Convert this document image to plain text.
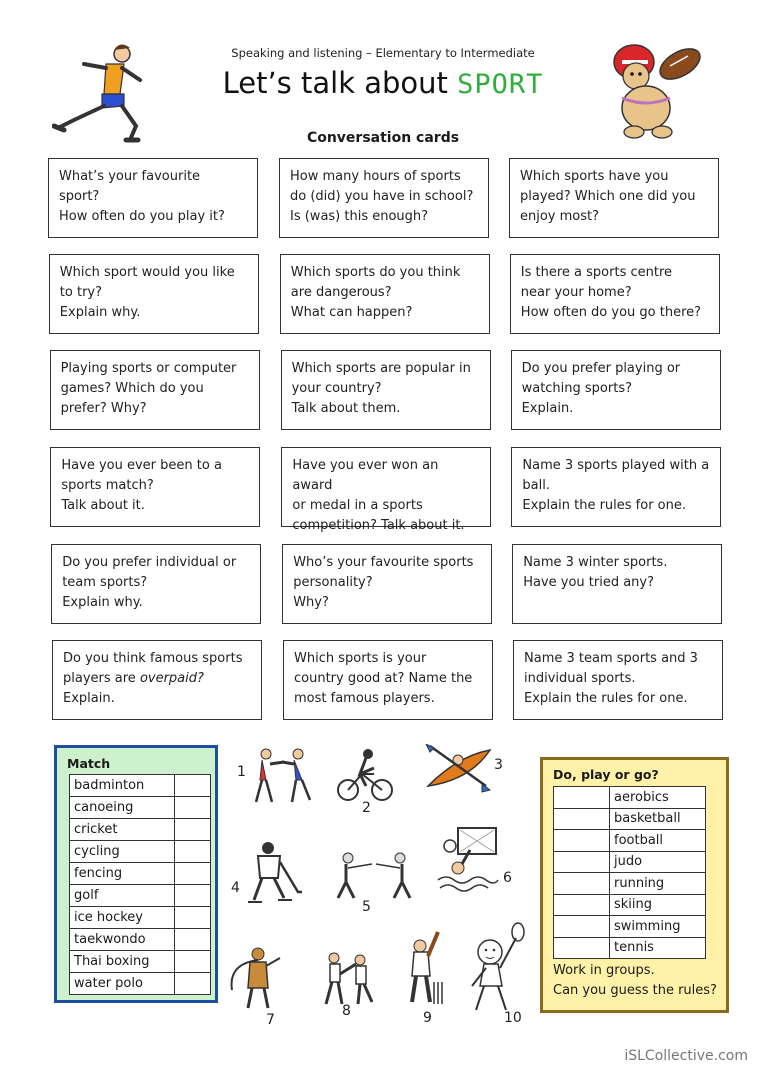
Speaking and listening – Elementary to Intermediate
Let’s talk about SPORT
Conversation cards
What’s your favourite
sport?
How often do you play it?
How many hours of sports
do (did) you have in school?
Is (was) this enough?
Which sports have you
played? Which one did you
enjoy most?
Which sport would you like
to try?
Explain why.
Which sports do you think
are dangerous?
What can happen?
Is there a sports centre
near your home?
How often do you go there?
Playing sports or computer
games? Which do you
prefer? Why?
Which sports are popular in
your country?
Talk about them.
Do you prefer playing or
watching sports?
Explain.
Have you ever been to a
sports match?
Talk about it.
Have you ever won an award
or medal in a sports
competition? Talk about it.
Name 3 sports played with a
ball.
Explain the rules for one.
Do you prefer individual or
team sports?
Explain why.
Who’s your favourite sports
personality?
Why?
Name 3 winter sports.
Have you tried any?
Do you think famous sports
players are overpaid?
Explain.
Which sports is your
country good at? Name the
most famous players.
Name 3 team sports and 3
individual sports.
Explain the rules for one.
Match
badminton	
canoeing	
cricket	
cycling	
fencing	
golf	
ice hockey	
taekwondo	
Thai boxing	
water polo	
1
2
3
4
5
6
7
8	9	10
Do, play or go?
	aerobics
	basketball
	football
	judo
	running
	skiing
	swimming
	tennis
Work in groups.
Can you guess the rules?
iSLCollective.com
